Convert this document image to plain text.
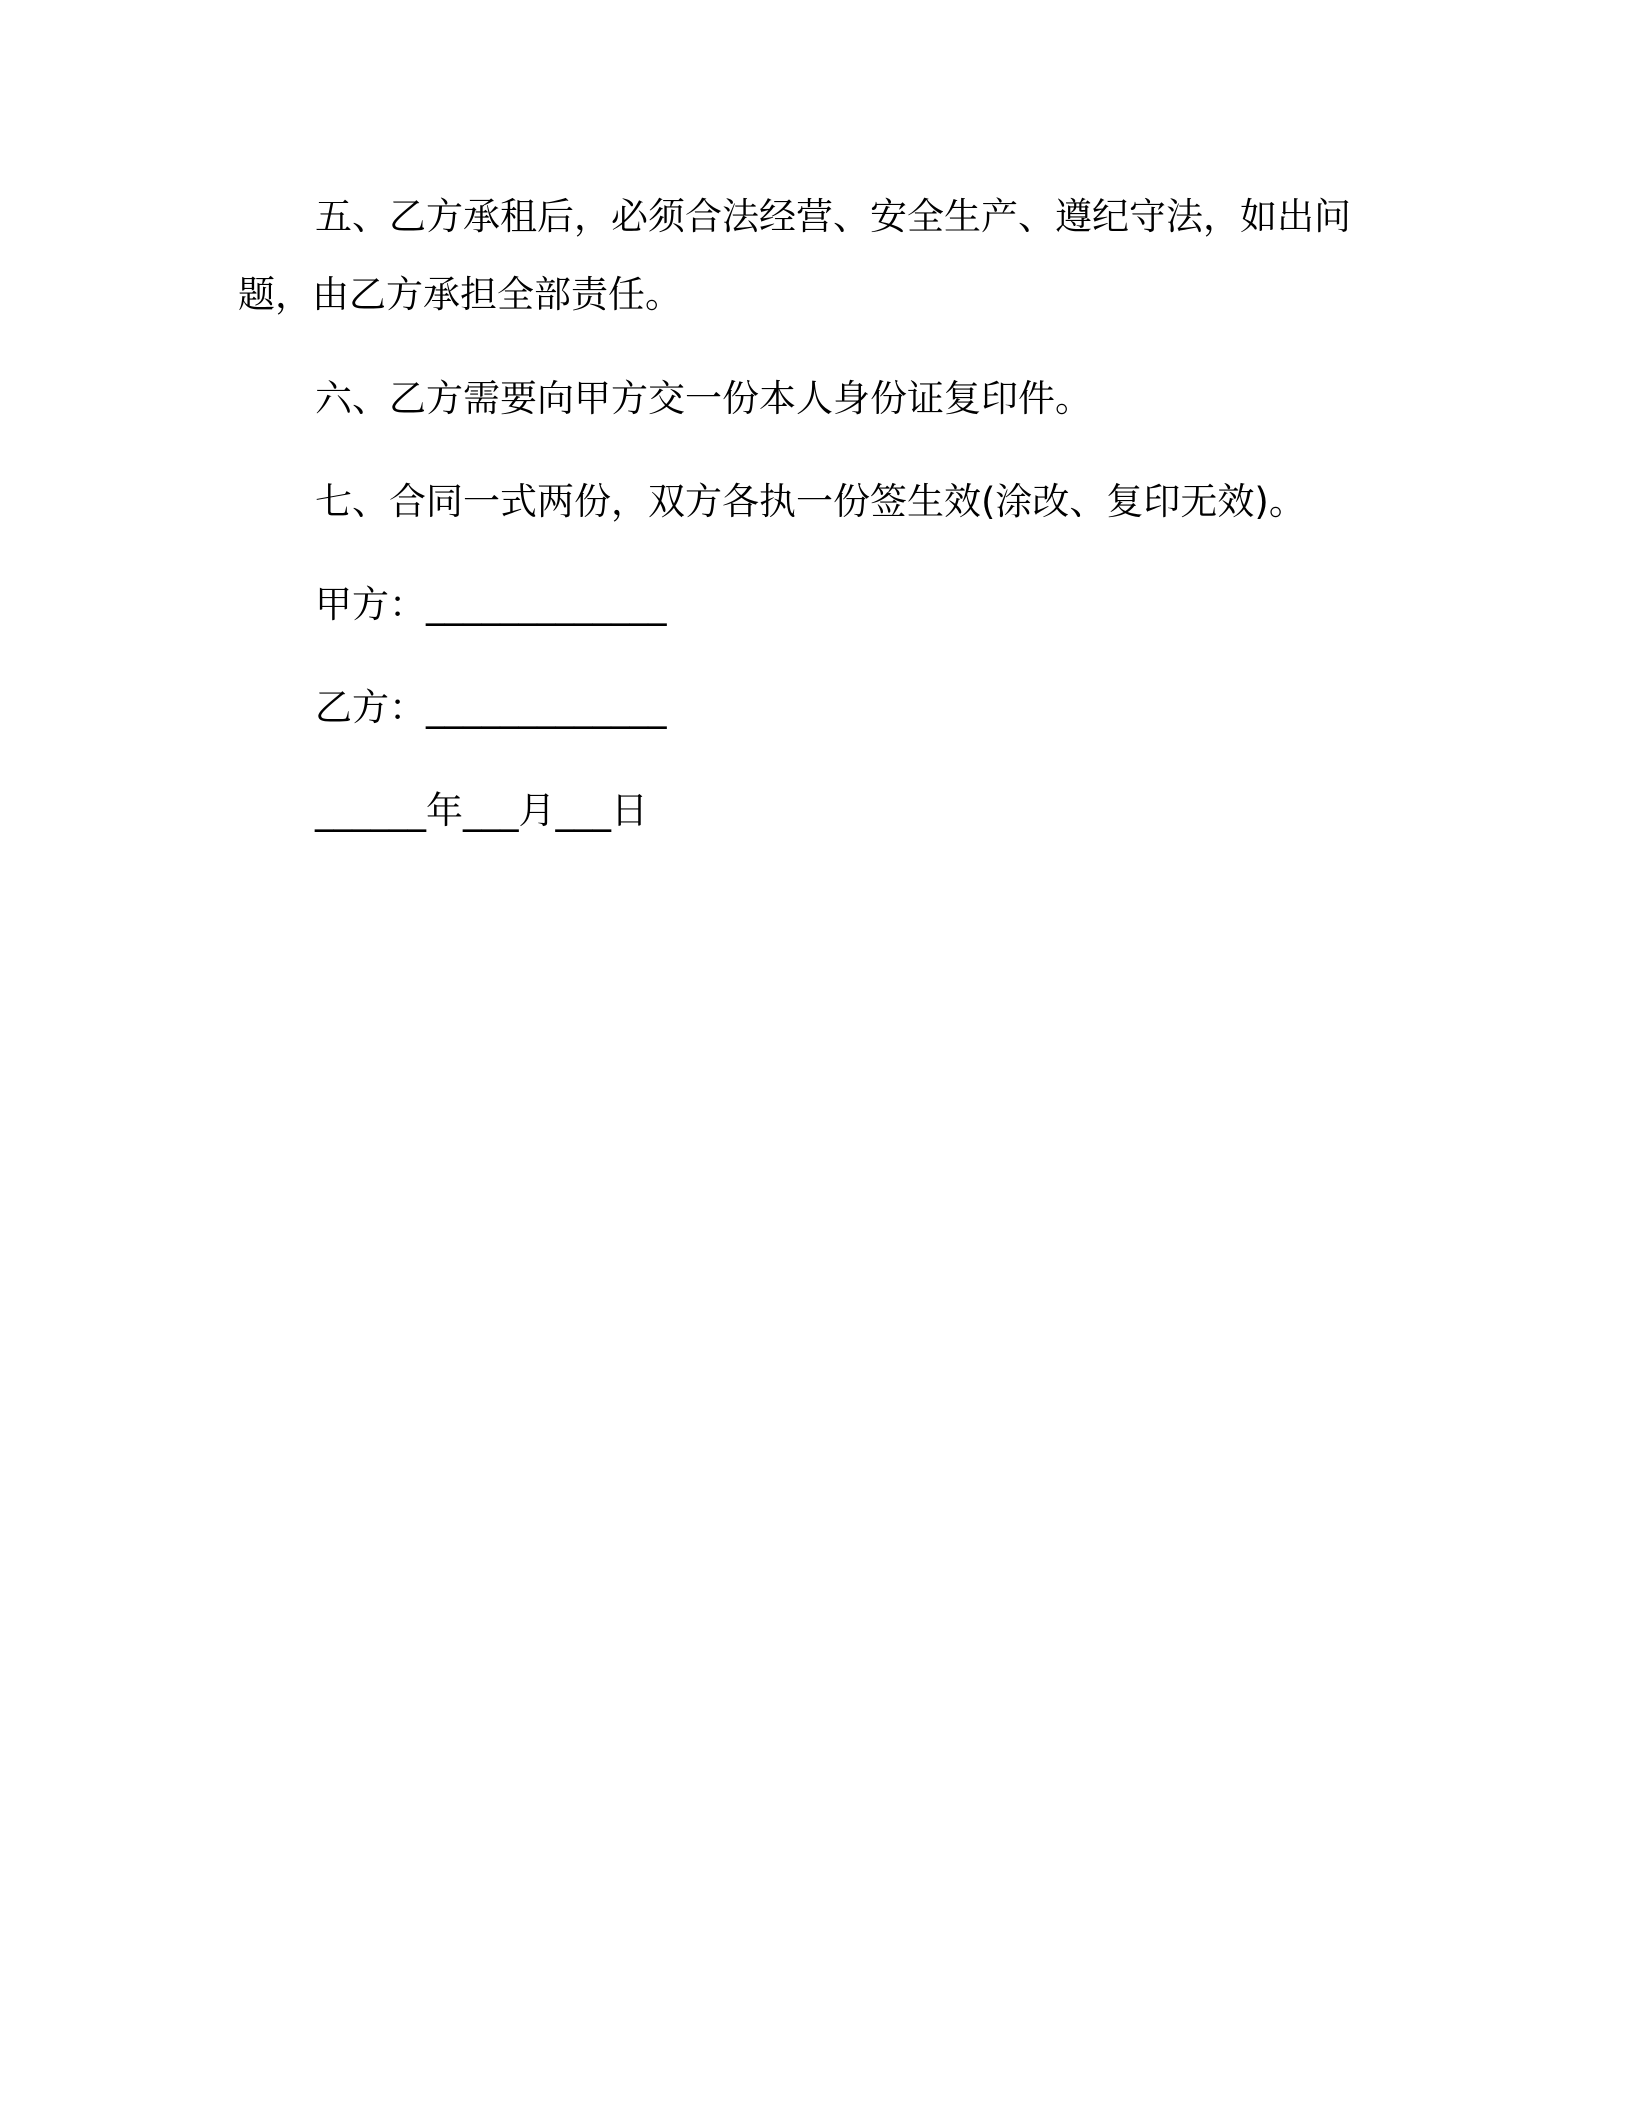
五、乙方承租后，必须合法经营、安全生产、遵纪守法，如出问

题，由乙方承担全部责任。

六、乙方需要向甲方交一份本人身份证复印件。

七、合同一式两份，双方各执一份签生效(涂改、复印无效)。

甲方：_____________

乙方：_____________

______年___月___日
